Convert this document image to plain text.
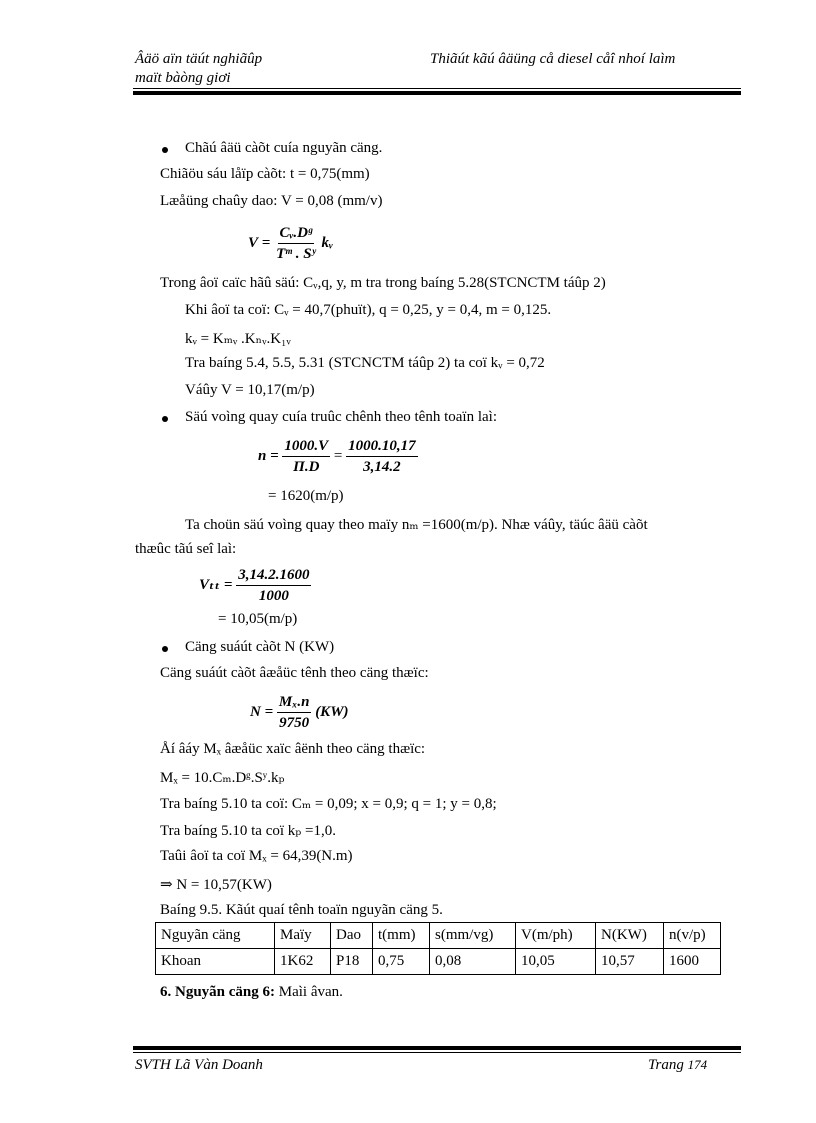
Âäö aïn täút nghiãûp
maït bàòng giơi
Thiãút kãú âäüng cå diesel cåî nhoí laìm
Chãú âäü càõt cuía nguyãn cäng.
Chiãöu sáu låïp càõt: t = 0,75(mm)
Læåüng chaûy dao: V = 0,08 (mm/v)
$V = \frac{\text{Cᵥ.Dᵍ}}{\text{Tᵐ . Sʸ}}$ kᵥ
Trong âoï caïc hãû säú: Cᵥ,q, y, m tra trong baíng 5.28(STCNCTM táûp 2)
Khi âoï ta coï: Cᵥ = 40,7(phuït), q = 0,25, y = 0,4, m = 0,125.
kᵥ = Kₘᵥ .Kₙᵥ.K₁ᵥ
Tra baíng 5.4, 5.5, 5.31 (STCNCTM táûp 2) ta coï kᵥ = 0,72
Váûy V = 10,17(m/p)
Säú voìng quay cuía truûc chênh theo tênh toaïn laì:
$n = \frac{1000.V}{\Pi.D} = \frac{1000.10,17}{3,14.2}$
= 1620(m/p)
Ta choün säú voìng quay theo maïy nₘ =1600(m/p). Nhæ váûy, täúc âäü càõt
thæûc tãú seî laì:
$V_{tt} = \frac{3,14.2.1600}{1000}$
= 10,05(m/p)
Cäng suáút càõt N (KW)
Cäng suáút càõt âæåüc tênh theo cäng thæïc:
$N = \frac{\text{Mₓ.n}}{9750} (KW)$
Åí âáy Mₓ âæåüc xaïc âënh theo cäng thæïc:
Mₓ = 10.Cₘ.Dᵍ.Sʸ.kₚ
Tra baíng 5.10 ta coï: Cₘ = 0,09; x = 0,9; q = 1; y = 0,8;
Tra baíng 5.10 ta coï kₚ =1,0.
Taûi âoï ta coï Mₓ = 64,39(N.m)
⇒ N = 10,57(KW)
Baíng 9.5. Kãút quaí tênh toaïn nguyãn cäng 5.
Nguyãn cäng	Maïy	Dao	t(mm)	s(mm/vg)	V(m/ph)	N(KW)	n(v/p)
Khoan	1K62	P18	0,75	0,08	10,05	10,57	1600
6. Nguyãn cäng 6: Maìi âvan.
SVTH Lã Vàn Doanh	Trang 174
